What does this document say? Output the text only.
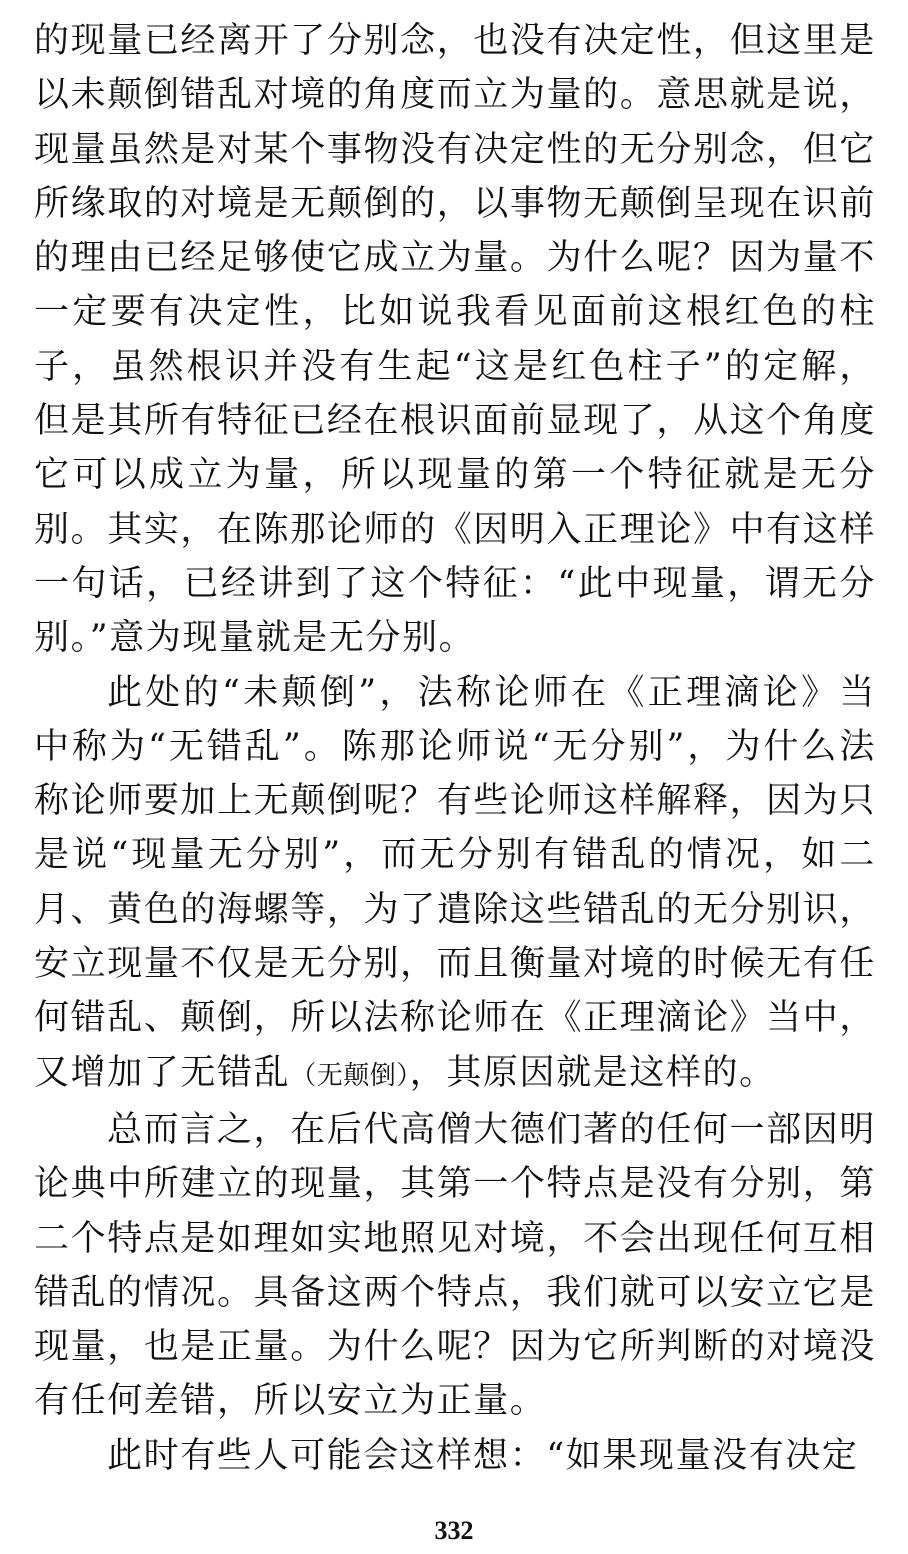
的现量已经离开了分别念，也没有决定性，但这里是以未颠倒错乱对境的角度而立为量的。意思就是说，现量虽然是对某个事物没有决定性的无分别念，但它所缘取的对境是无颠倒的，以事物无颠倒呈现在识前的理由已经足够使它成立为量。为什么呢？因为量不一定要有决定性，比如说我看见面前这根红色的柱子，虽然根识并没有生起“这是红色柱子”的定解，但是其所有特征已经在根识面前显现了，从这个角度它可以成立为量，所以现量的第一个特征就是无分别。其实，在陈那论师的《因明入正理论》中有这样一句话，已经讲到了这个特征：“此中现量，谓无分别。”意为现量就是无分别。

此处的“未颠倒”，法称论师在《正理滴论》当中称为“无错乱”。陈那论师说“无分别”，为什么法称论师要加上无颠倒呢？有些论师这样解释，因为只是说“现量无分别”，而无分别有错乱的情况，如二月、黄色的海螺等，为了遣除这些错乱的无分别识，安立现量不仅是无分别，而且衡量对境的时候无有任何错乱、颠倒，所以法称论师在《正理滴论》当中，又增加了无错乱（无颠倒），其原因就是这样的。

总而言之，在后代高僧大德们著的任何一部因明论典中所建立的现量，其第一个特点是没有分别，第二个特点是如理如实地照见对境，不会出现任何互相错乱的情况。具备这两个特点，我们就可以安立它是现量，也是正量。为什么呢？因为它所判断的对境没有任何差错，所以安立为正量。

此时有些人可能会这样想：“如果现量没有决定

332
